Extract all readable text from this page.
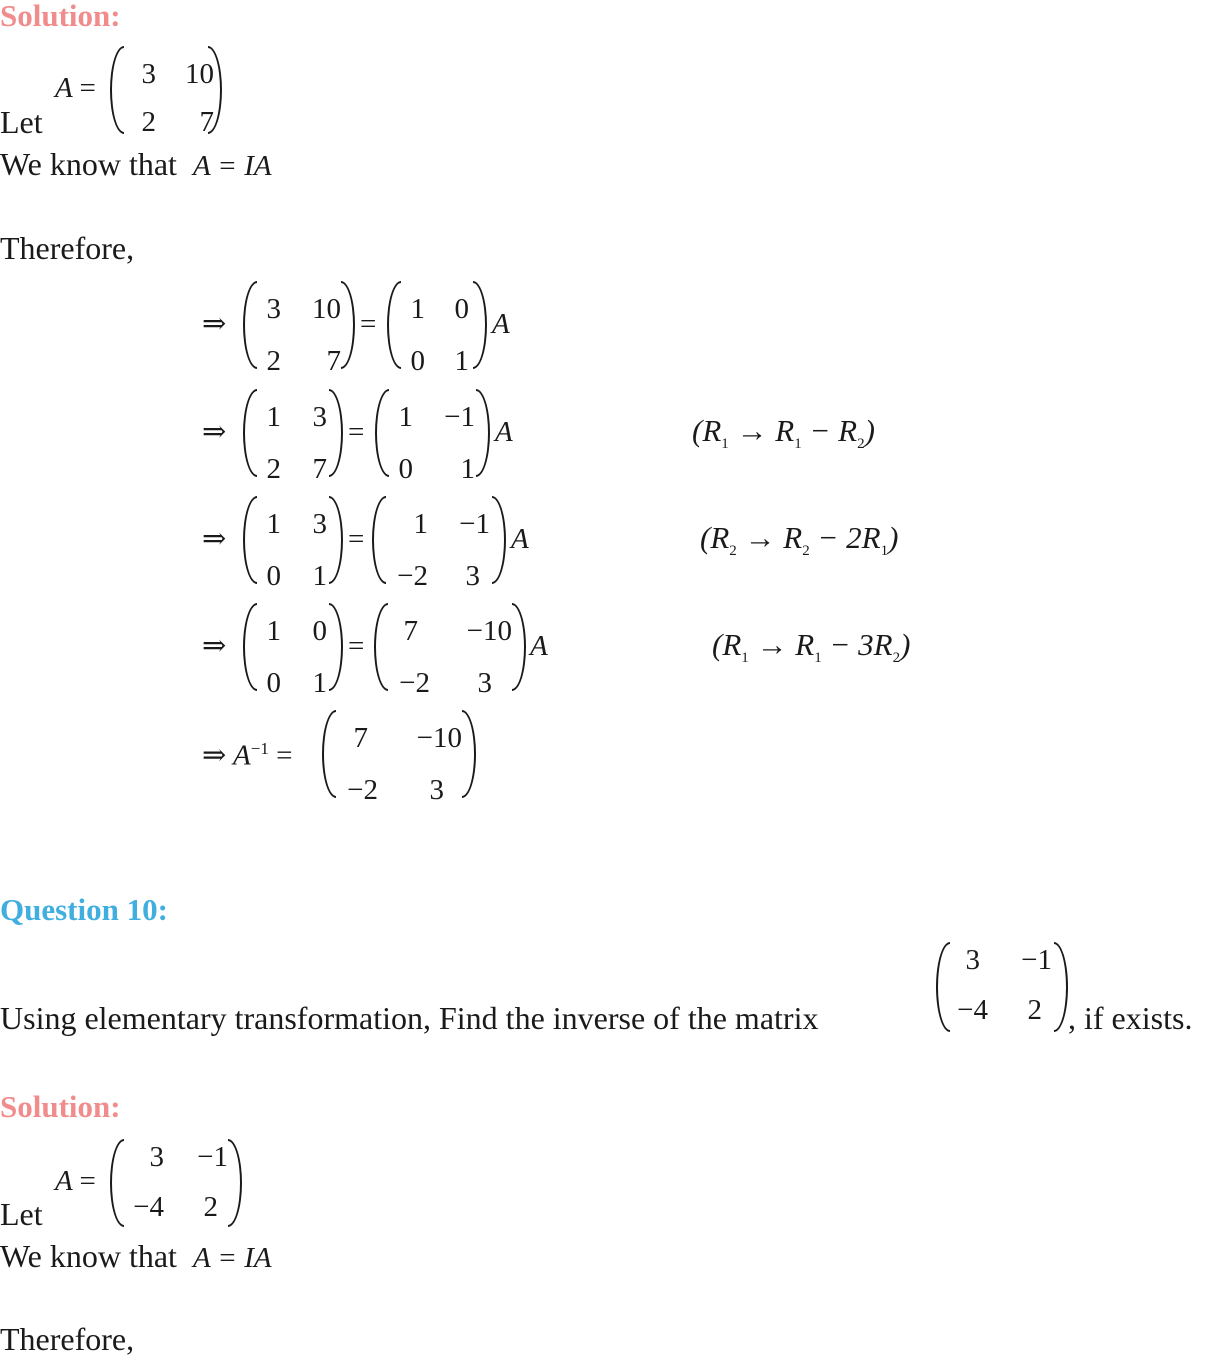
Solution:
A =	3	10
2	7
Let
We know that A = IA
Therefore,
⇒ 3	10
2	7
= 1	0
0	1
A
⇒ 1	3
2	7
= 1	−1
0	1
A	$(R_1 \to R_1 - R_2)$
⇒ 1	3
0	1
=	1	−1
−2	3
A	$(R_2 \to R_2 - 2R_1)$
⇒ 1	0
0	1
=	7	−10
−2	3
A	$(R_1 \to R_1 - 3R_2)$
⇒ $A^{-1}$ =
7	−10
−2	3
Question 10:
Using elementary transformation, Find the inverse of the matrix
3	−1
−4	2 , if exists.
Solution:
A =
3	−1
−4	2
Let
We know that A = IA
Therefore,
